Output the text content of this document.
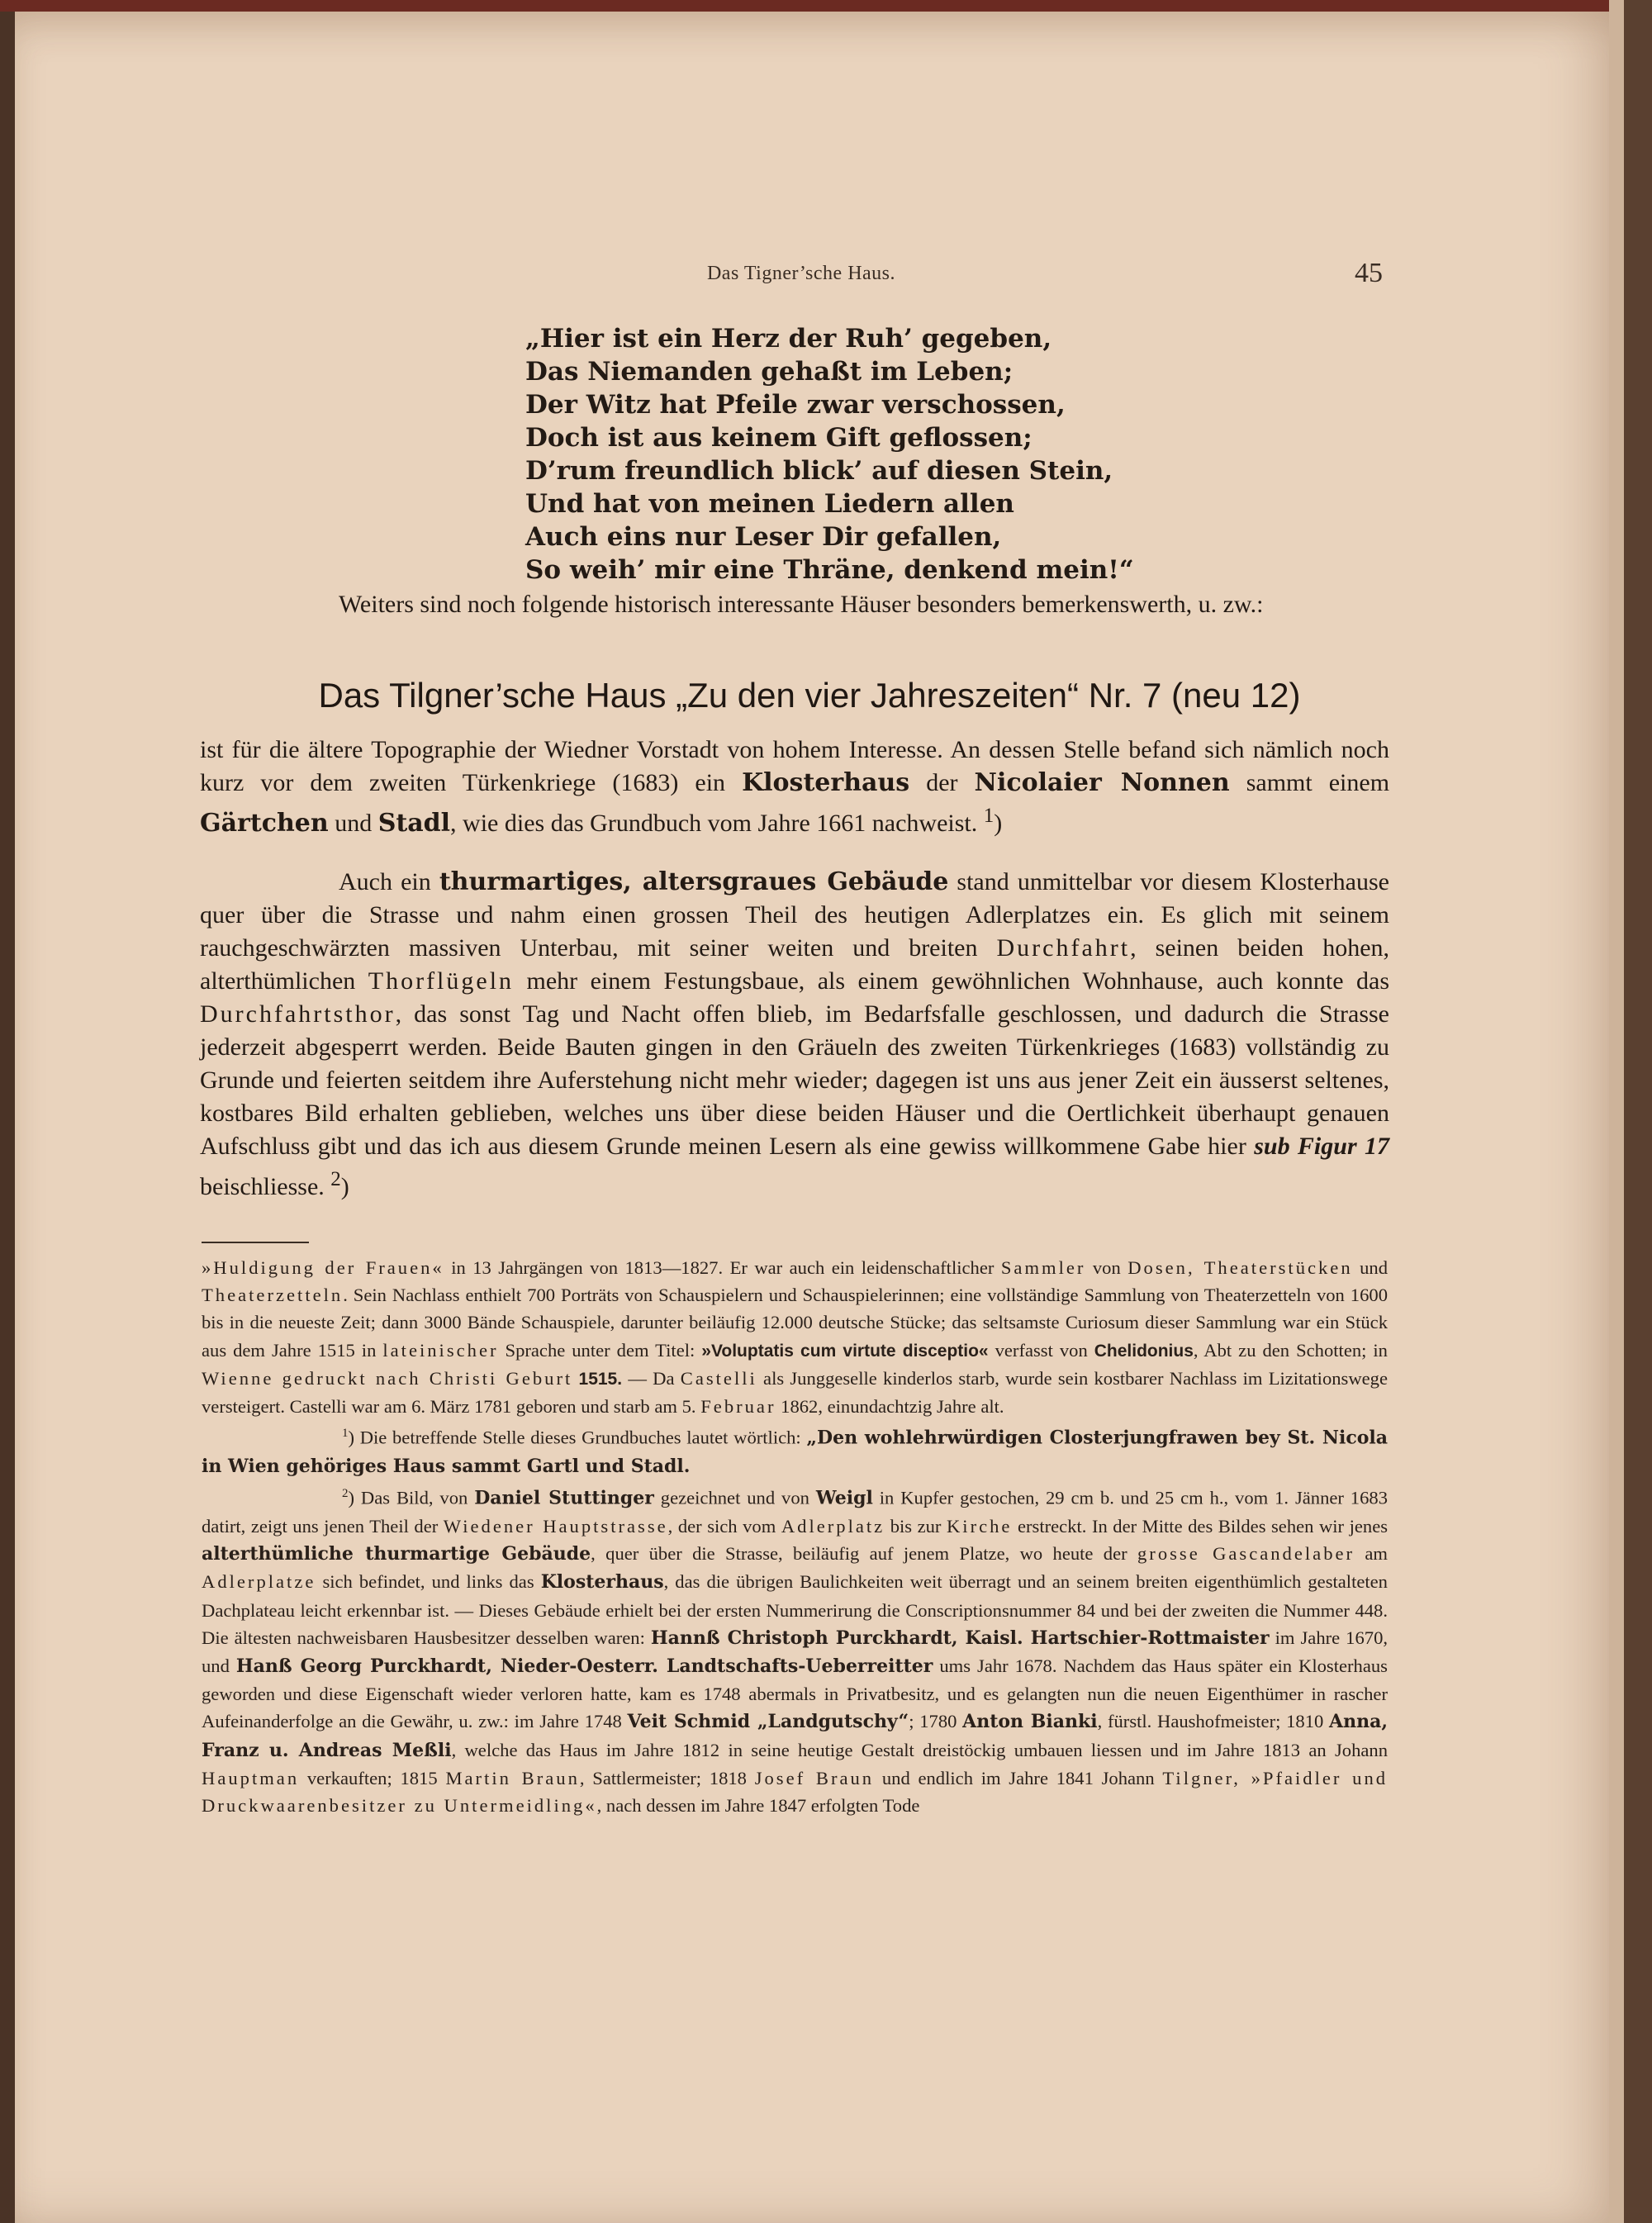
Das Tigner’sche Haus.	45
„Hier ist ein Herz der Ruh’ gegeben,
Das Niemanden gehaßt im Leben;
Der Witz hat Pfeile zwar verschossen,
Doch ist aus keinem Gift geflossen;
D’rum freundlich blick’ auf diesen Stein,
Und hat von meinen Liedern allen
Auch eins nur Leser Dir gefallen,
So weih’ mir eine Thräne, denkend mein!“
Weiters sind noch folgende historisch interessante Häuser besonders bemerkenswerth, u. zw.:
Das Tilgner’sche Haus „Zu den vier Jahreszeiten“ Nr. 7 (neu 12)
ist für die ältere Topographie der Wiedner Vorstadt von hohem Interesse. An dessen Stelle befand sich nämlich noch kurz vor dem zweiten Türkenkriege (1683) ein Klosterhaus der Nicolaier Nonnen sammt einem Gärtchen und Stadl, wie dies das Grundbuch vom Jahre 1661 nachweist. $^1$)
Auch ein thurmartiges, altersgraues Gebäude stand unmittelbar vor diesem Klosterhause quer über die Strasse und nahm einen grossen Theil des heutigen Adlerplatzes ein. Es glich mit seinem rauchgeschwärzten massiven Unterbau, mit seiner weiten und breiten Durchfahrt, seinen beiden hohen, alterthümlichen Thorflügeln mehr einem Festungsbaue, als einem gewöhnlichen Wohnhause, auch konnte das Durchfahrtsthor, das sonst Tag und Nacht offen blieb, im Bedarfsfalle geschlossen, und dadurch die Strasse jederzeit abgesperrt werden. Beide Bauten gingen in den Gräueln des zweiten Türkenkrieges (1683) vollständig zu Grunde und feierten seitdem ihre Auferstehung nicht mehr wieder; dagegen ist uns aus jener Zeit ein äusserst seltenes, kostbares Bild erhalten geblieben, welches uns über diese beiden Häuser und die Oertlichkeit überhaupt genauen Aufschluss gibt und das ich aus diesem Grunde meinen Lesern als eine gewiss willkommene Gabe hier sub Figur 17 beischliesse. $^2$)

»Huldigung der Frauen« in 13 Jahrgängen von 1813—1827. Er war auch ein leidenschaftlicher Sammler von Dosen, Theaterstücken und Theaterzetteln. Sein Nachlass enthielt 700 Porträts von Schauspielern und Schauspielerinnen; eine vollständige Sammlung von Theaterzetteln von 1600 bis in die neueste Zeit; dann 3000 Bände Schauspiele, darunter beiläufig 12.000 deutsche Stücke; das seltsamste Curiosum dieser Sammlung war ein Stück aus dem Jahre 1515 in lateinischer Sprache unter dem Titel: »Voluptatis cum virtute disceptio« verfasst von Chelidonius, Abt zu den Schotten; in Wienne gedruckt nach Christi Geburt 1515. — Da Castelli als Junggeselle kinderlos starb, wurde sein kostbarer Nachlass im Lizitationswege versteigert. Castelli war am 6. März 1781 geboren und starb am 5. Februar 1862, einundachtzig Jahre alt.

$^1$) Die betreffende Stelle dieses Grundbuches lautet wörtlich: „Den wohlehrwürdigen Closterjungfrawen bey St. Nicola in Wien gehöriges Haus sammt Gartl und Stadl.

$^2$) Das Bild, von Daniel Stuttinger gezeichnet und von Weigl in Kupfer gestochen, 29 cm b. und 25 cm h., vom 1. Jänner 1683 datirt, zeigt uns jenen Theil der Wiedener Hauptstrasse, der sich vom Adlerplatz bis zur Kirche erstreckt. In der Mitte des Bildes sehen wir jenes alterthümliche thurmartige Gebäude, quer über die Strasse, beiläufig auf jenem Platze, wo heute der grosse Gascandelaber am Adlerplatze sich befindet, und links das Klosterhaus, das die übrigen Baulichkeiten weit überragt und an seinem breiten eigenthümlich gestalteten Dachplateau leicht erkennbar ist. — Dieses Gebäude erhielt bei der ersten Nummerirung die Conscriptionsnummer 84 und bei der zweiten die Nummer 448. Die ältesten nachweisbaren Hausbesitzer desselben waren: Hannß Christoph Purckhardt, Kaisl. Hartschier-Rottmaister im Jahre 1670, und Hanß Georg Purckhardt, Nieder-Oesterr. Landtschafts-Ueberreitter ums Jahr 1678. Nachdem das Haus später ein Klosterhaus geworden und diese Eigenschaft wieder verloren hatte, kam es 1748 abermals in Privatbesitz, und es gelangten nun die neuen Eigenthümer in rascher Aufeinanderfolge an die Gewähr, u. zw.: im Jahre 1748 Veit Schmid „Landgutschy“; 1780 Anton Bianki, fürstl. Haushofmeister; 1810 Anna, Franz u. Andreas Meßli, welche das Haus im Jahre 1812 in seine heutige Gestalt dreistöckig umbauen liessen und im Jahre 1813 an Johann Hauptman verkauften; 1815 Martin Braun, Sattlermeister; 1818 Josef Braun und endlich im Jahre 1841 Johann Tilgner, »Pfaidler und Druckwaarenbesitzer zu Untermeidling«, nach dessen im Jahre 1847 erfolgten Tode
